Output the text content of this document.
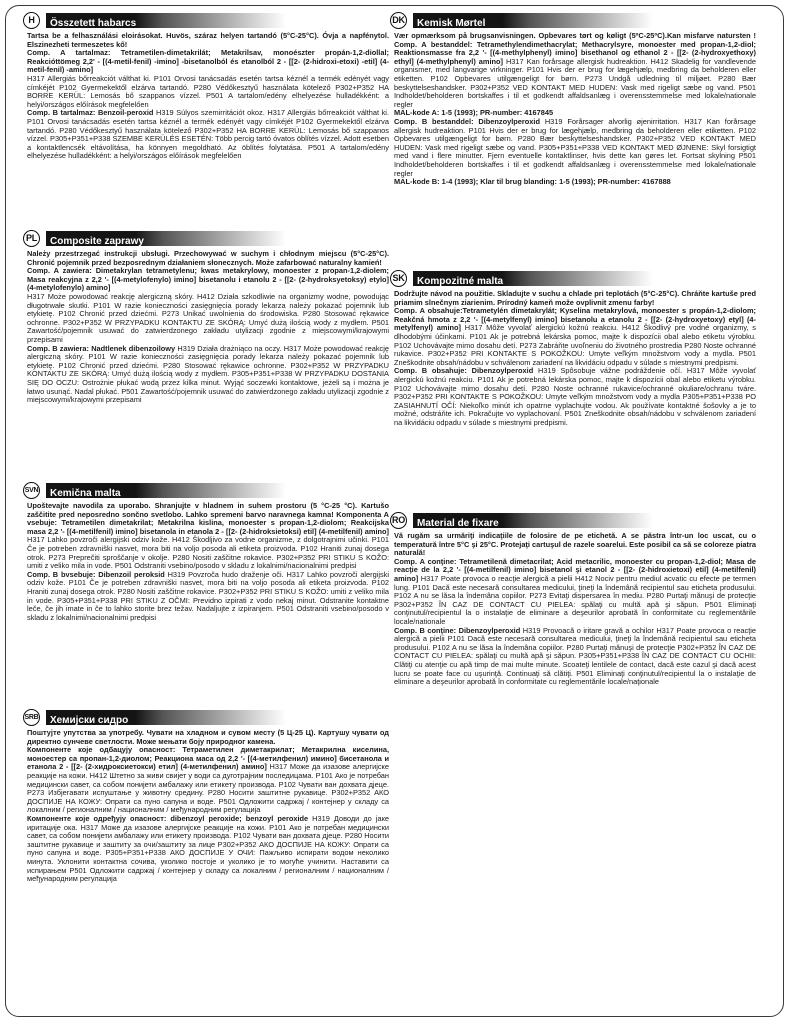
H	Összetett habarcs

Tartsa be a felhasználási eloirásokat. Huvös, száraz helyen tartandó (5°C-25°C). Óvja a napfénytol. Elszinezheti termeszetes kő!

Comp. A tartalmaz: Tetrametilen-dimetakrilát; Metakrilsav, monoészter propán-1,2-diollal; Reakcióttömeg 2,2' - [(4-metil-fenil) -imino] -bisetanolból és etanolból 2 - [[2- (2-hidroxi-etoxi) -etil] (4-metil-fenil) -amino]

H317 Allergiás bőrreakciót válthat ki. P101 Orvosi tanácsadás esetén tartsa kéznél a termék edényét vagy címkéjét P102 Gyermekektől elzárva tartandó. P280 Védőkesztyű használata kötelező P302+P352 HA BORRE KERÜL: Lemosás bő szappanos vízzel. P501 A tartalom/edény elhelyezése hulladékként: a helyi/országos előírások megfelelően

Comp. B tartalmaz: Benzoil-peroxid H319 Súlyos szemirritációt okoz. H317 Allergiás bőrreakciót válthat ki. P101 Orvosi tanácsadás esetén tartsa kéznél a termék edényét vagy címkéjét P102 Gyermekektől elzárva tartandó. P280 Védőkesztyű használata kötelező P302+P352 HA BORRE KERÜL: Lemosás bő szappanos vízzel. P305+P351+P338 SZEMBE KERÜLÉS ESETÉN: Több percig tartó óvatos öblítés vízzel. Adott esetben a kontaktlencsék eltávolítása, ha könnyen megoldható. Az öblítés folytatása. P501 A tartalom/edény elhelyezése hulladékként: a helyi/országos előírások megfelelően

PL	Composite zaprawy

Należy przestrzegać instrukcji ubsługi. Przechowywać w suchym i chłodnym miejscu (5°C-25°C). Chronić pojemnik przed bezposrednym działaniem słonecznych. Może zafarbować naturalny kamień!

Comp. A zawiera: Dimetakrylan tetrametylenu; kwas metakrylowy, monoester z propan-1,2-diolem; Masa reakcyjna z 2,2 '- [(4-metylofenylo) imino] bisetanolu i etanolu 2 - [[2- (2-hydroksyetoksy) etylo] (4-metylofenylo) amino]

H317 Może powodować reakcję alergiczną skóry. H412 Działa szkodliwie na organizmy wodne, powodując długotrwałe skutki. P101 W razie konieczności zasięgnięcia porady lekarza należy pokazać pojemnik lub etykietę. P102 Chronić przed dziećmi. P273 Unikać uwolnienia do środowiska. P280 Stosować rękawice ochronne. P302+P352 W PRZYPADKU KONTAKTU ZE SKÓRĄ: Umyć dużą ilością wody z mydłem. P501 Zawartość/pojemnik usuwać do zatwierdzonego zakładu utylizacji zgodnie z miejscowymi/krajowymi przepisami

Comp. B zawiera: Nadtlenek dibenzoilowy H319 Działa drażniąco na oczy. H317 Może powodować reakcję alergiczną skóry. P101 W razie konieczności zasięgnięcia porady lekarza należy pokazać pojemnik lub etykietę. P102 Chronić przed dziećmi. P280 Stosować rękawice ochronne. P302+P352 W PRZYPADKU KONTAKTU ZE SKÓRĄ: Umyć dużą ilością wody z mydłem. P305+P351+P338 W PRZYPADKU DOSTANIA SIĘ DO OCZU: Ostrożnie płukać wodą przez kilka minut. Wyjąć soczewki kontaktowe, jeżeli są i można je łatwo usunąć. Nadal płukać. P501 Zawartość/pojemnik usuwać do zatwierdzonego zakładu utylizacji zgodnie z miejscowymi/krajowymi przepisami

SVN	Kemična malta

Upoštevajte navodila za uporabo. Shranjujte v hladnem in suhem prostoru (5 °C-25 °C). Kartušo zaščitite pred neposredno sončno svetlobo. Lahko spremeni barvo naravnega kamna! Komponenta A vsebuje: Tetrametilen dimetakrilat; Metakrilna kislina, monoester s propan-1,2-diolom; Reakcijska masa 2,2 '- [(4-metilfenil) imino] bisetanola in etanola 2 - [[2- (2-hidroksietoksi) etil] (4-metilfenil) amino] H317 Lahko povzroči alergijski odziv kože. H412 Škodljivo za vodne organizme, z dolgotrajnimi učinki. P101 Če je potreben zdravniški nasvet, mora biti na voljo posoda ali etiketa proizvoda. P102 Hraniti zunaj dosega otrok. P273 Preprečiti sproščanje v okolje. P280 Nositi zaščitne rokavice. P302+P352 PRI STIKU S KOŽO: umiti z veliko mila in vode. P501 Odstraniti vsebino/posodo v skladu z lokalnimi/nacionalnimi predpisi

Comp. B bvsebuje: Dibenzoil peroksid H319 Povzroča hudo draženje oči. H317 Lahko povzroči alergijski odziv kože. P101 Če je potreben zdravniški nasvet, mora biti na voljo posoda ali etiketa proizvoda. P102 Hraniti zunaj dosega otrok. P280 Nositi zaščitne rokavice. P302+P352 PRI STIKU S KOŽO: umiti z veliko mila in vode. P305+P351+P338 PRI STIKU Z OČMI: Previdno izpirati z vodo nekaj minut. Odstranite kontaktne leče, če jih imate in če to lahko storite brez težav. Nadaljujte z izpiranjem. P501 Odstraniti vsebino/posodo v skladu z lokalnimi/nacionalnimi predpisi

SRB	Хемијски сидро

Поштујте упутства за употребу. Чувати на хладном и сувом месту (5 Ц-25 Ц). Картушу чувати од директно сунчеве светлости. Може мењати боју природног камена.

Компоненте које одбацују опасност: Тетраметилен диметакрилат; Метакрилна киселина, моноестер са пропан-1,2-диолом; Реакциона маса од 2,2 '- [(4-метилфенил) имино] бисетанола и етанола 2 - [[2- (2-хидроксиетокси) етил] (4-метилфенил) амино] H317 Може да изазове алергијске реакције на кожи. H412 Штетно за живи свијет у води са дуготрајним последицама. P101 Ако је потребан медицински савет, са собом понијети амбалажу или етикету производа. P102 Чувати ван дохвата дјеце. P273 Избјегавати испуштање у животну средину. P280 Носити заштитне рукавице. P302+P352 АКО ДОСПИЈЕ НА КОЖУ: Опрати са пуно сапуна и воде. P501 Одложити садржај / контејнер у складу са локалним / регионалним / националним / међународним регулација

Компоненте које одређују опасност: dibenzoyl peroxide; benzoyl peroxide H319 Доводи до јаке иритације ока. H317 Може да изазове алергијске реакције на кожи. P101 Ако је потребан медицински савет, са собом понијети амбалажу или етикету производа. P102 Чувати ван дохвата дјеце. P280 Носити заштитне рукавице и заштиту за очи/заштиту за лице P302+P352 АКО ДОСПИЈЕ НА КОЖУ: Опрати са пуно сапуна и воде. P305+P351+P338 АКО ДОСПИЈЕ У ОЧИ: Пажљиво испирати водом неколико минута. Уклонити контактна сочива, уколико постоје и уколико је то могуће учинити. Наставити са испирањем P501 Одложити садржај / контејнер у складу са локалним / регионалним / националним / међународним регулација

DK	Kemisk Mørtel

Vær opmærksom på brugsanvisningen. Opbevares tørt og køligt (5ºC-25ºC).Kan misfarve natursten ! Comp. A bestanddel: Tetramethylendimethacrylat; Methacrylsyre, monoester med propan-1,2-diol; Reaktionsmasse fra 2,2 '- [(4-methylphenyl) imino] bisethanol og ethanol 2 - [[2- (2-hydroxyethoxy) ethyl] (4-methylphenyl) amino] H317 Kan forårsage allergisk hudreaktion. H412 Skadelig for vandlevende organismer, med langvarige virkninger. P101 Hvis der er brug for lægehjælp, medbring da beholderen eller etiketten. P102 Opbevares utilgængeligt for børn. P273 Undgå udledning til miljøet. P280 Bær beskyttelseshandsker. P302+P352 VED KONTAKT MED HUDEN: Vask med rigeligt sæbe og vand. P501 Indholdet/beholderen bortskaffes i til et godkendt affaldsanlæg i overensstemmelse med lokale/nationale regler

MAL-kode A: 1-5 (1993); PR-number: 4167845

Comp. B bestanddel: Dibenzoylperoxid H319 Forårsager alvorlig øjenirritation. H317 Kan forårsage allergisk hudreaktion. P101 Hvis der er brug for lægehjælp, medbring da beholderen eller etiketten. P102 Opbevares utilgængeligt for børn. P280 Bær beskyttelseshandsker. P302+P352 VED KONTAKT MED HUDEN: Vask med rigeligt sæbe og vand. P305+P351+P338 VED KONTAKT MED ØJNENE: Skyl forsigtigt med vand i flere minutter. Fjern eventuelle kontaktlinser, hvis dette kan gøres let. Fortsat skylning P501 Indholdet/beholderen bortskaffes i til et godkendt affaldsanlæg i overensstemmelse med lokale/nationale regler

MAL-kode B: 1-4 (1993); Klar til brug blanding: 1-5 (1993); PR-number: 4167888

SK	Kompozitné malta

Dodržujte návod na použitie. Skladujte v suchu a chlade pri teplotách (5°C-25°C). Chráňte kartuše pred priamim slnečnym ziarienim. Prírodný kameň može ovplivnit zmenu farby!

Comp. A obsahuje:Tetrametylén dimetakrylát; Kyselina metakrylová, monoester s propán-1,2-diolom; Reakčná hmota z 2,2 '- [(4-metylfenyl) imino] bisetanolu a etanolu 2 - [[2- (2-hydroxyetoxy) etyl] (4-metylfenyl) amino] H317 Môže vyvolať alergickú kožnú reakciu. H412 Škodlivý pre vodné organizmy, s dlhodobými účinkami. P101 Ak je potrebná lekárska pomoc, majte k dispozícii obal alebo etiketu výrobku. P102 Uchovávajte mimo dosahu detí. P273 Zabráňte uvoľneniu do životného prostredia P280 Noste ochranné rukavice. P302+P352 PRI KONTAKTE S POKOŽKOU: Umyte veľkým množstvom vody a mydla. P501 Zneškodnite obsah/nádobu v schválenom zariadení na likvidáciu odpadu v súlade s miestnymi predpismi.

Comp. B obsahuje: Dibenzoylperoxid H319 Spôsobuje vážne podráždenie očí. H317 Môže vyvolať alergickú kožnú reakciu. P101 Ak je potrebná lekárska pomoc, majte k dispozícii obal alebo etiketu výrobku. P102 Uchovávajte mimo dosahu detí. P280 Noste ochranné rukavice/ochranné okuliare/ochranu tváre. P302+P352 PRI KONTAKTE S POKOŽKOU: Umyte veľkým množstvom vody a mydla P305+P351+P338 PO ZASIAHNUTÍ OČÍ: Niekoľko minút ich opatrne vyplachujte vodou. Ak používate kontaktné šošovky a je to možné, odstráňte ich. Pokračujte vo vyplachovaní. P501 Zneškodnite obsah/nádobu v schválenom zariadení na likvidáciu odpadu v súlade s miestnymi predpismi.

RO	Material de fixare

Vă rugăm sa urmăriţi indicaţiile de folosire de pe etichetă. A se păstra într-un loc uscat, cu o temperatură între 5°C şi 25°C. Protejaţi cartuşul de razele soarelui. Este posibil ca să se coloreze piatra naturală!

Comp. A conţine: Tetrametilenă dimetacrilat; Acid metacrilic, monoester cu propan-1,2-diol; Masa de reacţie de la 2,2 '- [(4-metilfenil) imino] bisetanol şi etanol 2 - [[2- (2-hidroxietoxi) etil] (4-metilfenil) amino] H317 Poate provoca o reacţie alergică a pielii H412 Nociv pentru mediul acvatic cu efecte pe termen lung. P101 Dacă este necesară consultarea medicului, ţineţi la îndemână recipientul sau eticheta produsului. P102 A nu se lăsa la îndemâna copiilor. P273 Evitaţi dispersarea în mediu. P280 Purtaţi mănuşi de protecţie P302+P352 ÎN CAZ DE CONTACT CU PIELEA: spălaţi cu multă apă şi săpun. P501 Eliminaţi conţinutul/recipientul la o instalaţie de eliminare a deşeurilor aprobată în conformitate cu reglementările locale/nationale

Comp. B conţine: Dibenzoylperoxid H319 Provoacă o iritare gravă a ochilor H317 Poate provoca o reacţie alergică a pielii P101 Dacă este necesară consultarea medicului, ţineţi la îndemână recipientul sau eticheta produsului. P102 A nu se lăsa la îndemâna copiilor. P280 Purtaţi mănuşi de protecţie P302+P352 ÎN CAZ DE CONTACT CU PIELEA: spălaţi cu multă apă şi săpun. P305+P351+P338 ÎN CAZ DE CONTACT CU OCHII: Clătiţi cu atenţie cu apă timp de mai multe minute. Scoateţi lentilele de contact, dacă este cazul şi dacă acest lucru se poate face cu uşurinţă. Continuaţi să clătiţi. P501 Eliminaţi conţinutul/recipientul la o instalaţie de eliminare a deşeurilor aprobată în conformitate cu reglementările locale/naţionale
